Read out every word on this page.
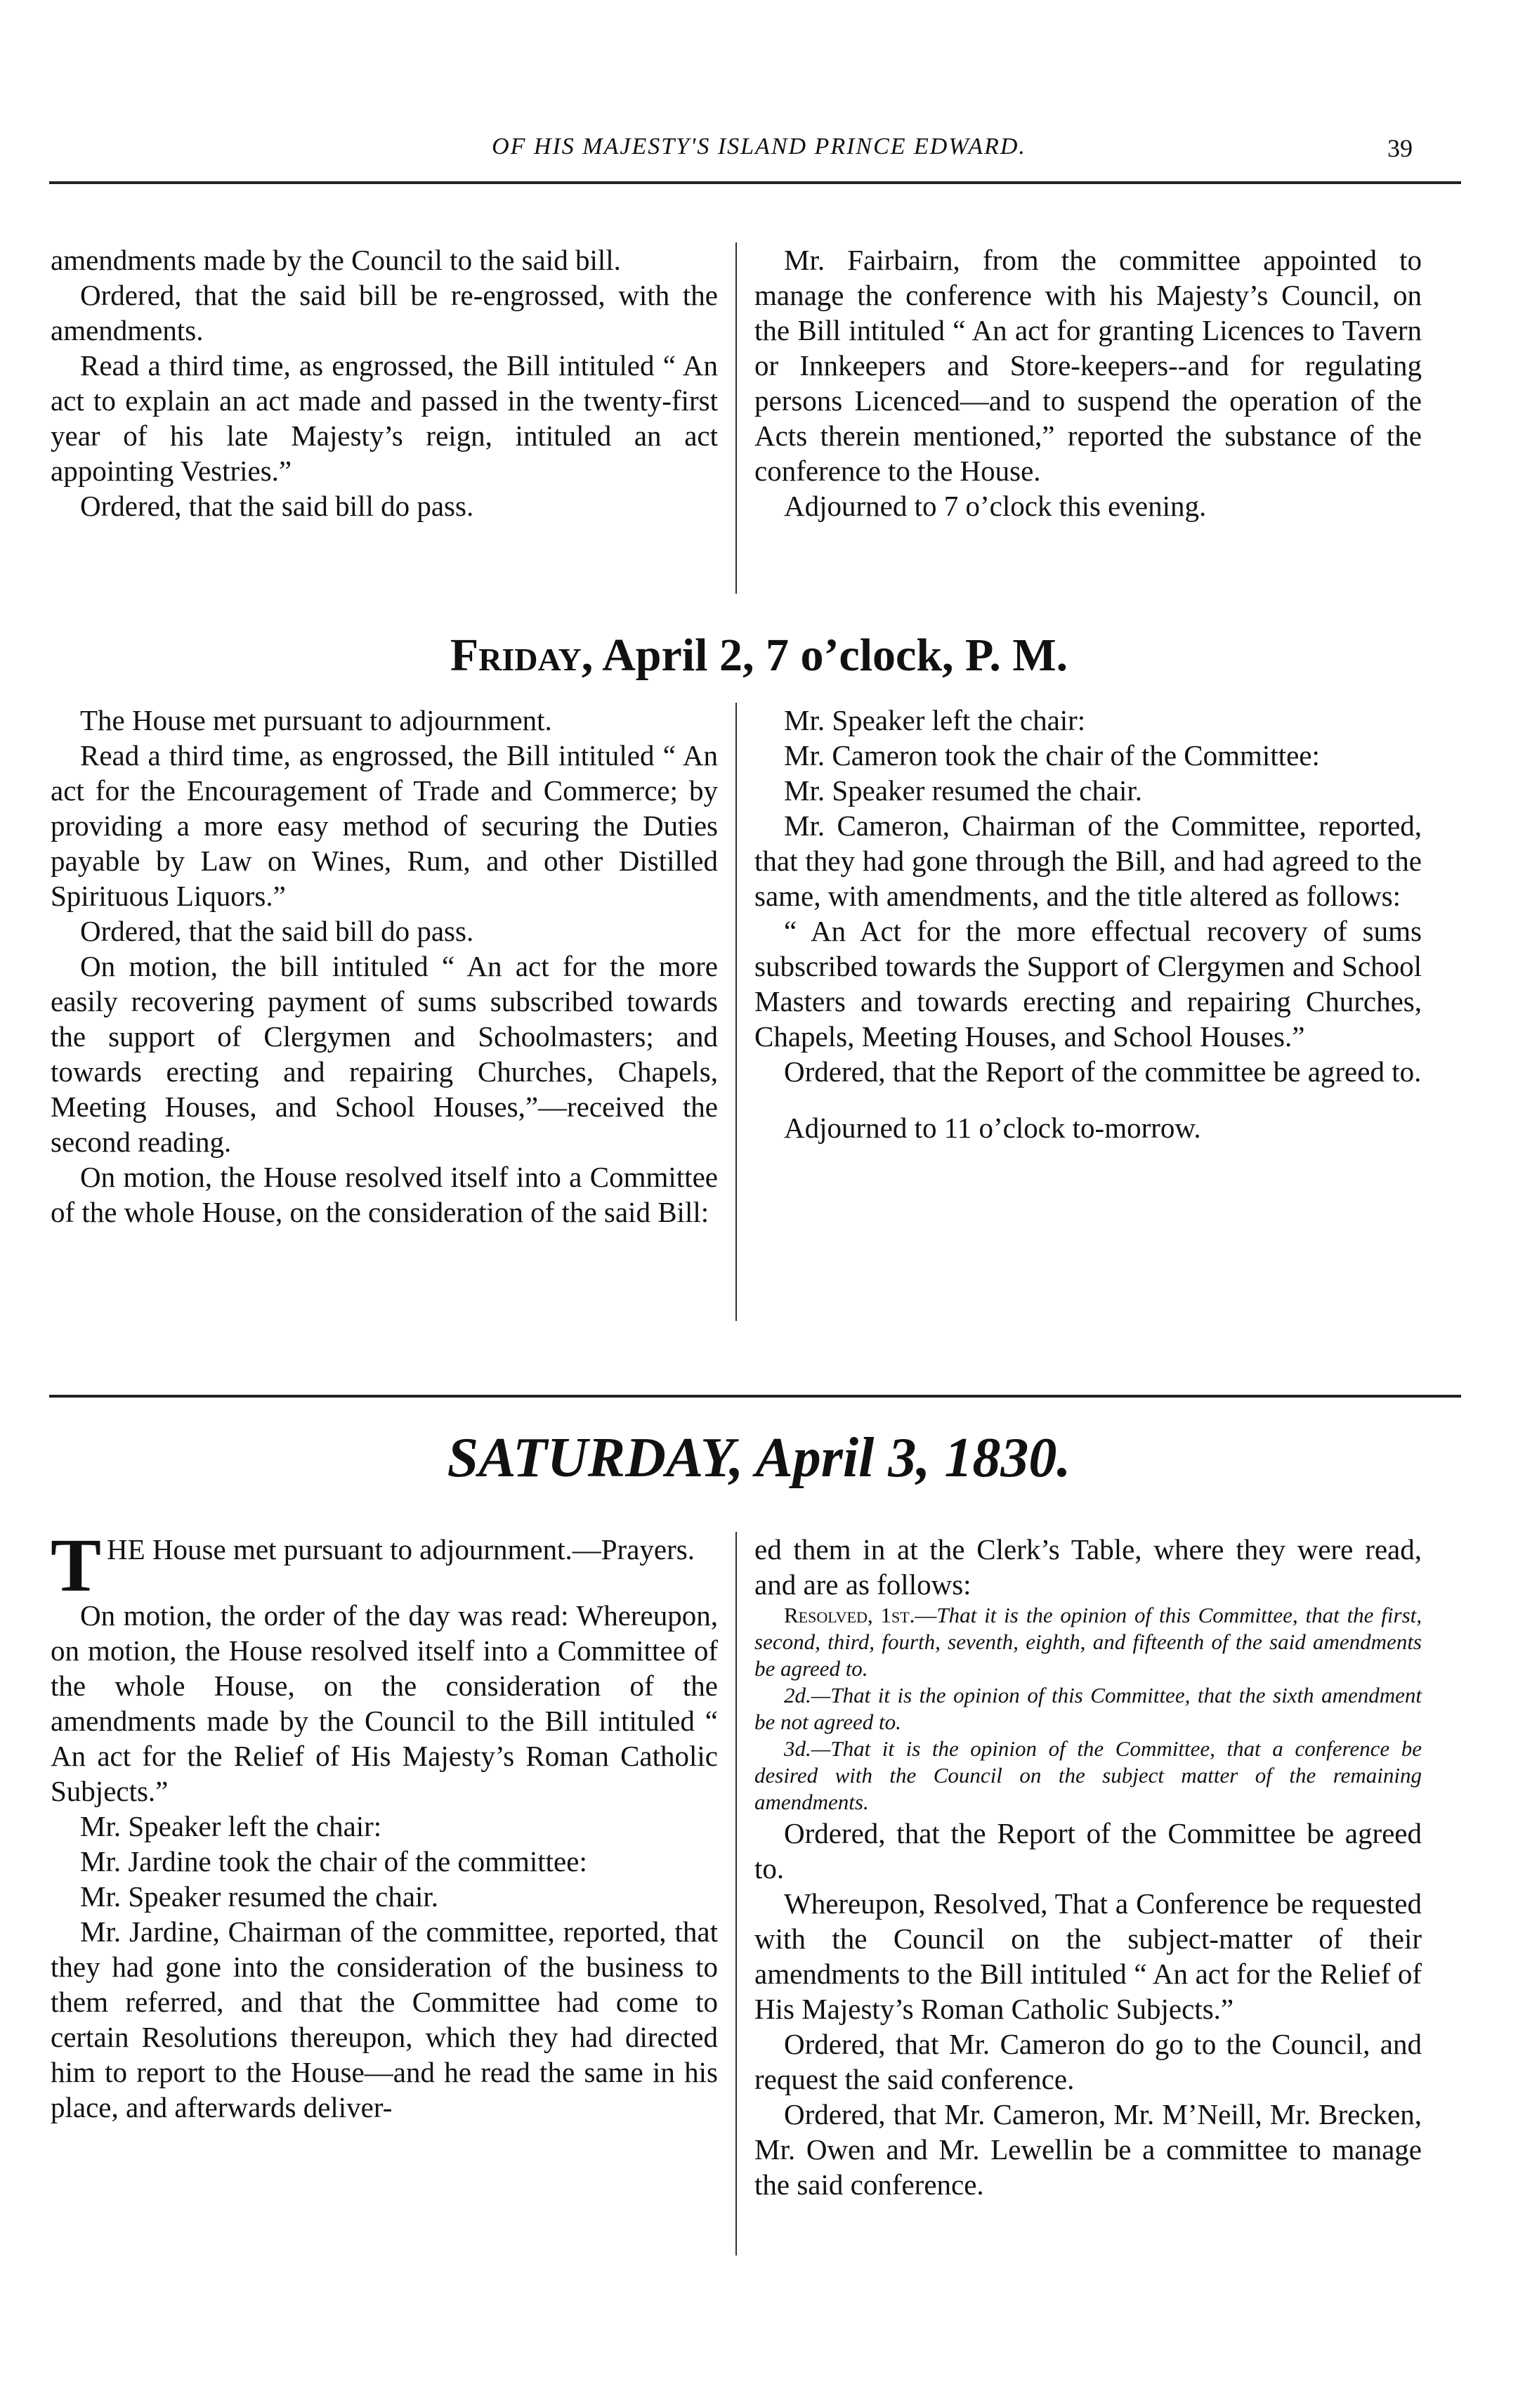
OF HIS MAJESTY'S ISLAND PRINCE EDWARD.	39

amendments made by the Council to the said bill.

Ordered, that the said bill be re-engrossed, with the amendments.

Read a third time, as engrossed, the Bill intituled “ An act to explain an act made and passed in the twenty-first year of his late Majesty’s reign, intituled an act appointing Vestries.”

Ordered, that the said bill do pass.

Mr. Fairbairn, from the committee appointed to manage the conference with his Majesty’s Council, on the Bill intituled “ An act for granting Licences to Tavern or Innkeepers and Store-keepers--and for regulating persons Licenced—and to suspend the operation of the Acts therein mentioned,” reported the substance of the conference to the House.

Adjourned to 7 o’clock this evening.

Friday, April 2, 7 o’clock, P. M.

The House met pursuant to adjournment.

Read a third time, as engrossed, the Bill intituled “ An act for the Encouragement of Trade and Commerce; by providing a more easy method of securing the Duties payable by Law on Wines, Rum, and other Distilled Spirituous Liquors.”

Ordered, that the said bill do pass.

On motion, the bill intituled “ An act for the more easily recovering payment of sums subscribed towards the support of Clergymen and Schoolmasters; and towards erecting and repairing Churches, Chapels, Meeting Houses, and School Houses,”—received the second reading.

On motion, the House resolved itself into a Committee of the whole House, on the consideration of the said Bill:

Mr. Speaker left the chair:

Mr. Cameron took the chair of the Committee:

Mr. Speaker resumed the chair.

Mr. Cameron, Chairman of the Committee, reported, that they had gone through the Bill, and had agreed to the same, with amendments, and the title altered as follows:

“ An Act for the more effectual recovery of sums subscribed towards the Support of Clergymen and School Masters and towards erecting and repairing Churches, Chapels, Meeting Houses, and School Houses.”

Ordered, that the Report of the committee be agreed to.

Adjourned to 11 o’clock to-morrow.

SATURDAY, April 3, 1830.

THE House met pursuant to adjournment.—Prayers.

On motion, the order of the day was read: Whereupon, on motion, the House resolved itself into a Committee of the whole House, on the consideration of the amendments made by the Council to the Bill intituled “ An act for the Relief of His Majesty’s Roman Catholic Subjects.”

Mr. Speaker left the chair:

Mr. Jardine took the chair of the committee:

Mr. Speaker resumed the chair.

Mr. Jardine, Chairman of the committee, reported, that they had gone into the consideration of the business to them referred, and that the Committee had come to certain Resolutions thereupon, which they had directed him to report to the House—and he read the same in his place, and afterwards deliver-

ed them in at the Clerk’s Table, where they were read, and are as follows:

Resolved, 1st.—That it is the opinion of this Committee, that the first, second, third, fourth, seventh, eighth, and fifteenth of the said amendments be agreed to.

2d.—That it is the opinion of this Committee, that the sixth amendment be not agreed to.

3d.—That it is the opinion of the Committee, that a conference be desired with the Council on the subject matter of the remaining amendments.

Ordered, that the Report of the Committee be agreed to.

Whereupon, Resolved, That a Conference be requested with the Council on the subject-matter of their amendments to the Bill intituled “ An act for the Relief of His Majesty’s Roman Catholic Subjects.”

Ordered, that Mr. Cameron do go to the Council, and request the said conference.

Ordered, that Mr. Cameron, Mr. M’Neill, Mr. Brecken, Mr. Owen and Mr. Lewellin be a committee to manage the said conference.
